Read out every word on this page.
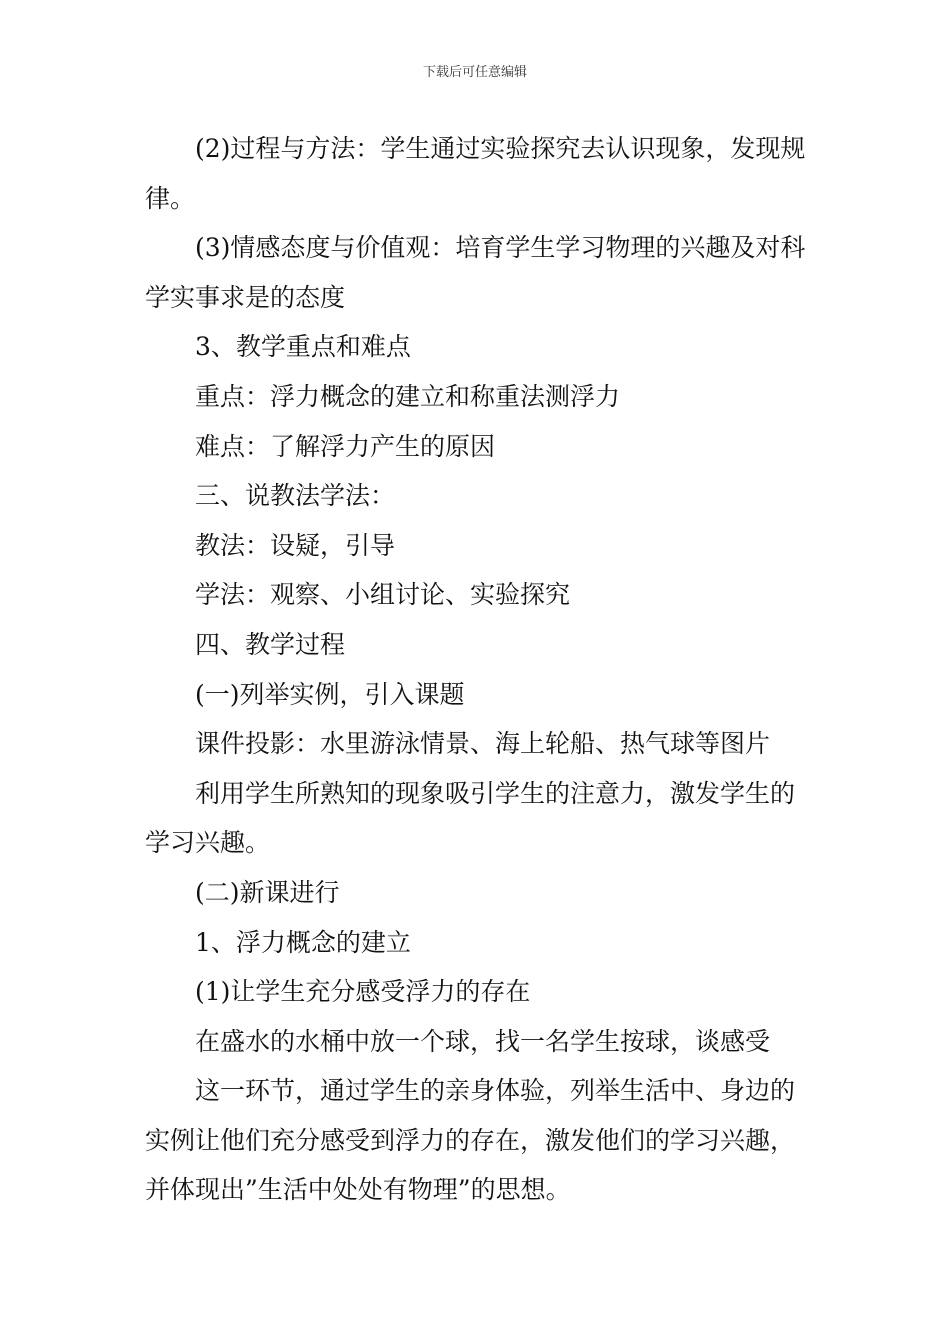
下载后可任意编辑

(2)过程与方法：学生通过实验探究去认识现象，发现规律。

(3)情感态度与价值观：培育学生学习物理的兴趣及对科学实事求是的态度

3、教学重点和难点

重点：浮力概念的建立和称重法测浮力

难点：了解浮力产生的原因

三、说教法学法：

教法：设疑，引导

学法：观察、小组讨论、实验探究

四、教学过程

(一)列举实例，引入课题

课件投影：水里游泳情景、海上轮船、热气球等图片

利用学生所熟知的现象吸引学生的注意力，激发学生的学习兴趣。

(二)新课进行

1、浮力概念的建立

(1)让学生充分感受浮力的存在

在盛水的水桶中放一个球，找一名学生按球，谈感受

这一环节，通过学生的亲身体验，列举生活中、身边的实例让他们充分感受到浮力的存在，激发他们的学习兴趣，并体现出”生活中处处有物理”的思想。
